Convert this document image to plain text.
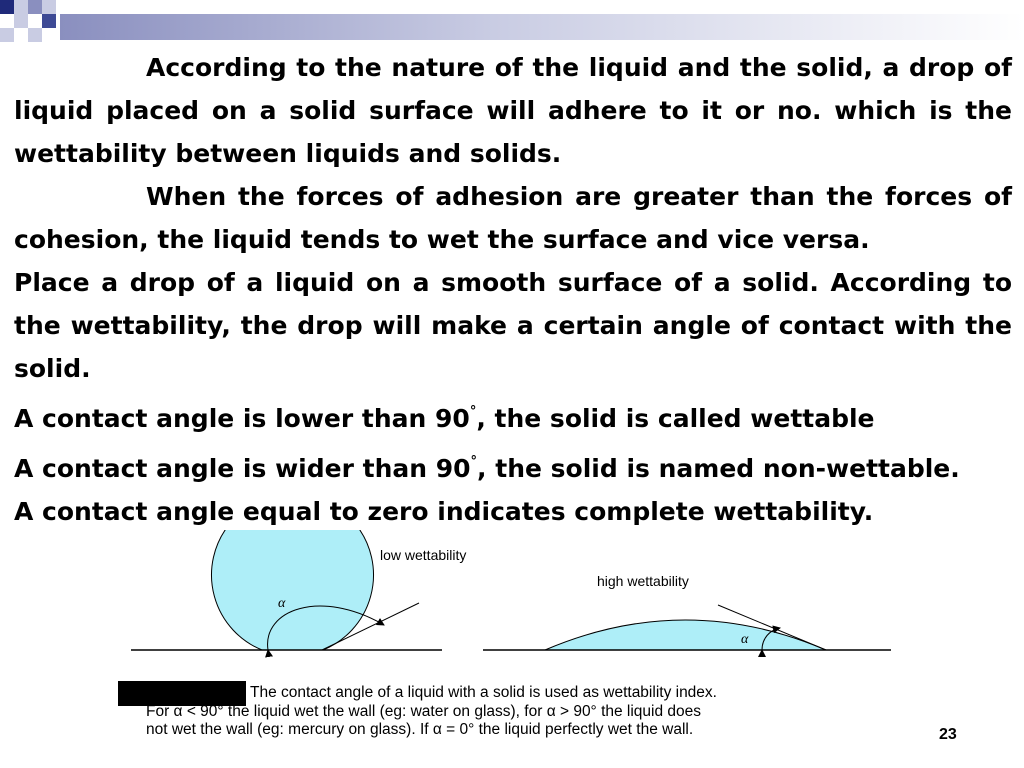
According to the nature of the liquid and the solid, a drop of liquid placed on a solid surface will adhere to it or no. which is the wettability between liquids and solids.

When the forces of adhesion are greater than the forces of cohesion, the liquid tends to wet the surface and vice versa.

Place a drop of a liquid on a smooth surface of a solid. According to the wettability, the drop will make a certain angle of contact with the solid.

A contact angle is lower than 90°, the solid is called wettable

A contact angle is wider than 90°, the solid is named non-wettable.

A contact angle equal to zero indicates complete wettability.

α
low wettability
α
high wettability

The contact angle of a liquid with a solid is used as wettability index.

For α < 90° the liquid wet the wall (eg: water on glass), for α > 90° the liquid does

not wet the wall (eg: mercury on glass). If α = 0° the liquid perfectly wet the wall.	23
